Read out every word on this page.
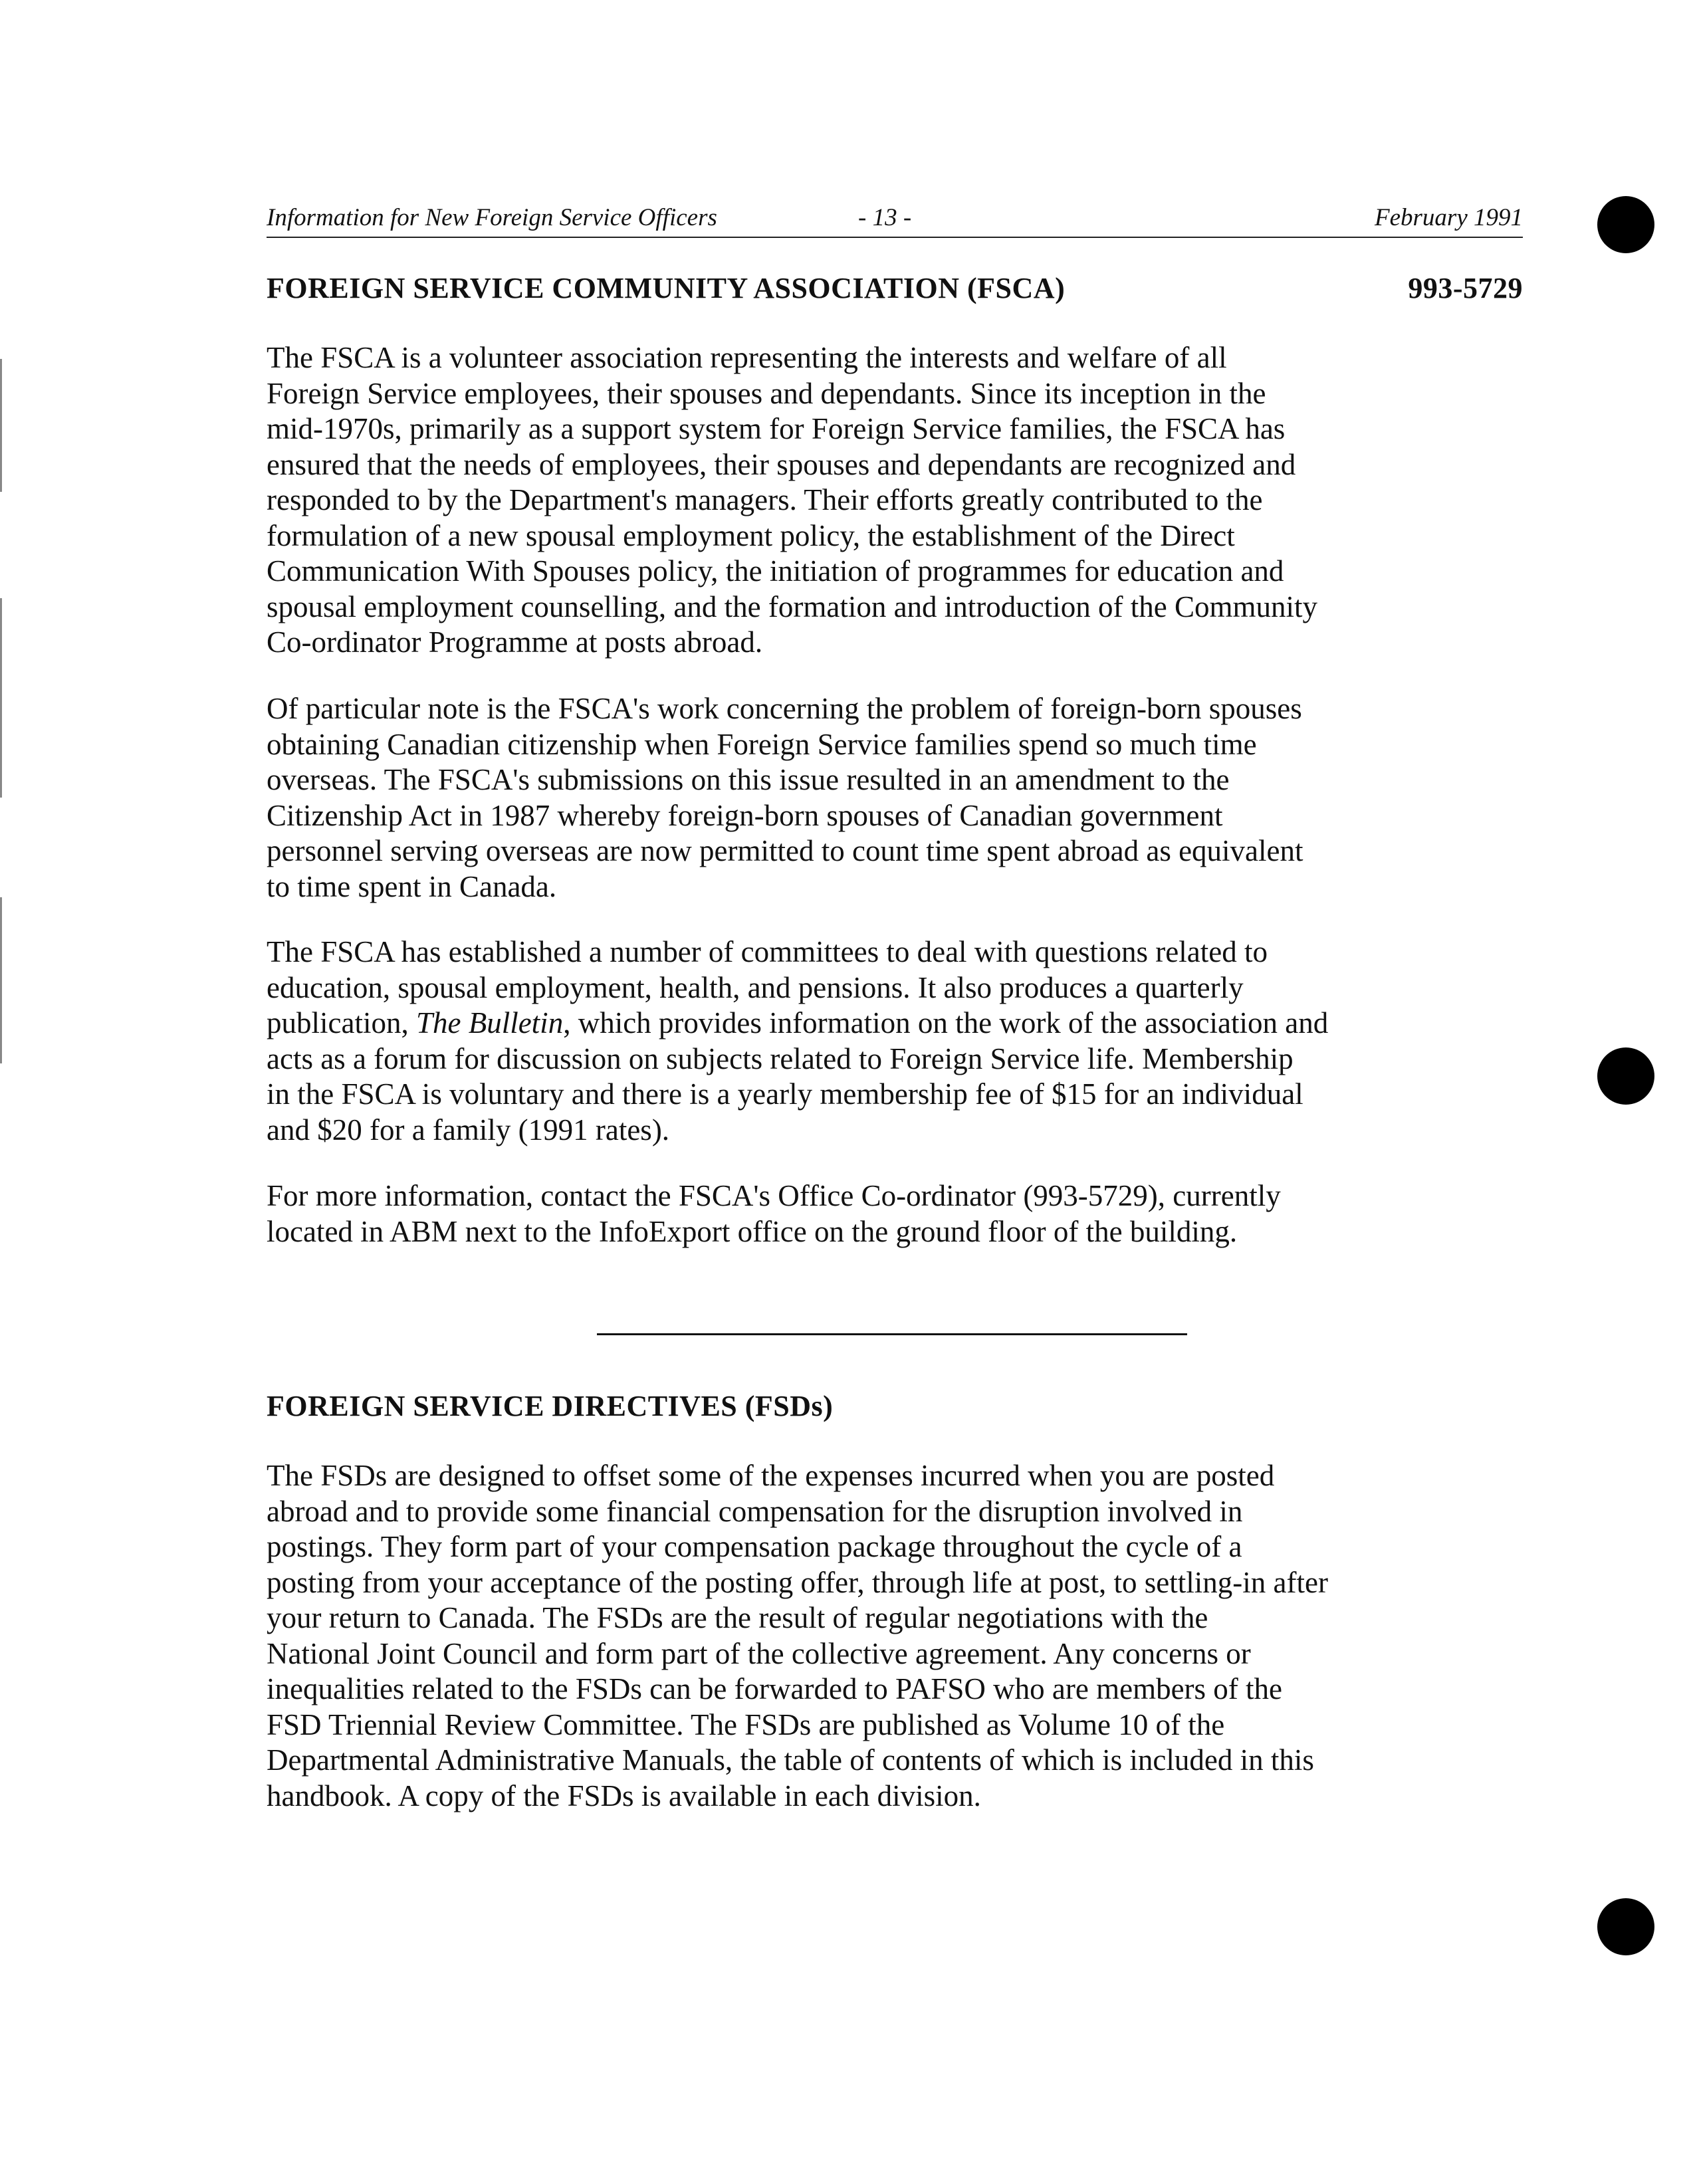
Information for New Foreign Service Officers	- 13 -	February 1991
FOREIGN SERVICE COMMUNITY ASSOCIATION (FSCA)	993-5729
The FSCA is a volunteer association representing the interests and welfare of all
Foreign Service employees, their spouses and dependants. Since its inception in the
mid-1970s, primarily as a support system for Foreign Service families, the FSCA has
ensured that the needs of employees, their spouses and dependants are recognized and
responded to by the Department's managers. Their efforts greatly contributed to the
formulation of a new spousal employment policy, the establishment of the Direct
Communication With Spouses policy, the initiation of programmes for education and
spousal employment counselling, and the formation and introduction of the Community
Co-ordinator Programme at posts abroad.
Of particular note is the FSCA's work concerning the problem of foreign-born spouses
obtaining Canadian citizenship when Foreign Service families spend so much time
overseas. The FSCA's submissions on this issue resulted in an amendment to the
Citizenship Act in 1987 whereby foreign-born spouses of Canadian government
personnel serving overseas are now permitted to count time spent abroad as equivalent
to time spent in Canada.
The FSCA has established a number of committees to deal with questions related to
education, spousal employment, health, and pensions. It also produces a quarterly
publication, The Bulletin, which provides information on the work of the association and
acts as a forum for discussion on subjects related to Foreign Service life. Membership
in the FSCA is voluntary and there is a yearly membership fee of $15 for an individual
and $20 for a family (1991 rates).
For more information, contact the FSCA's Office Co-ordinator (993-5729), currently
located in ABM next to the InfoExport office on the ground floor of the building.
FOREIGN SERVICE DIRECTIVES (FSDs)
The FSDs are designed to offset some of the expenses incurred when you are posted
abroad and to provide some financial compensation for the disruption involved in
postings. They form part of your compensation package throughout the cycle of a
posting from your acceptance of the posting offer, through life at post, to settling-in after
your return to Canada. The FSDs are the result of regular negotiations with the
National Joint Council and form part of the collective agreement. Any concerns or
inequalities related to the FSDs can be forwarded to PAFSO who are members of the
FSD Triennial Review Committee. The FSDs are published as Volume 10 of the
Departmental Administrative Manuals, the table of contents of which is included in this
handbook. A copy of the FSDs is available in each division.
